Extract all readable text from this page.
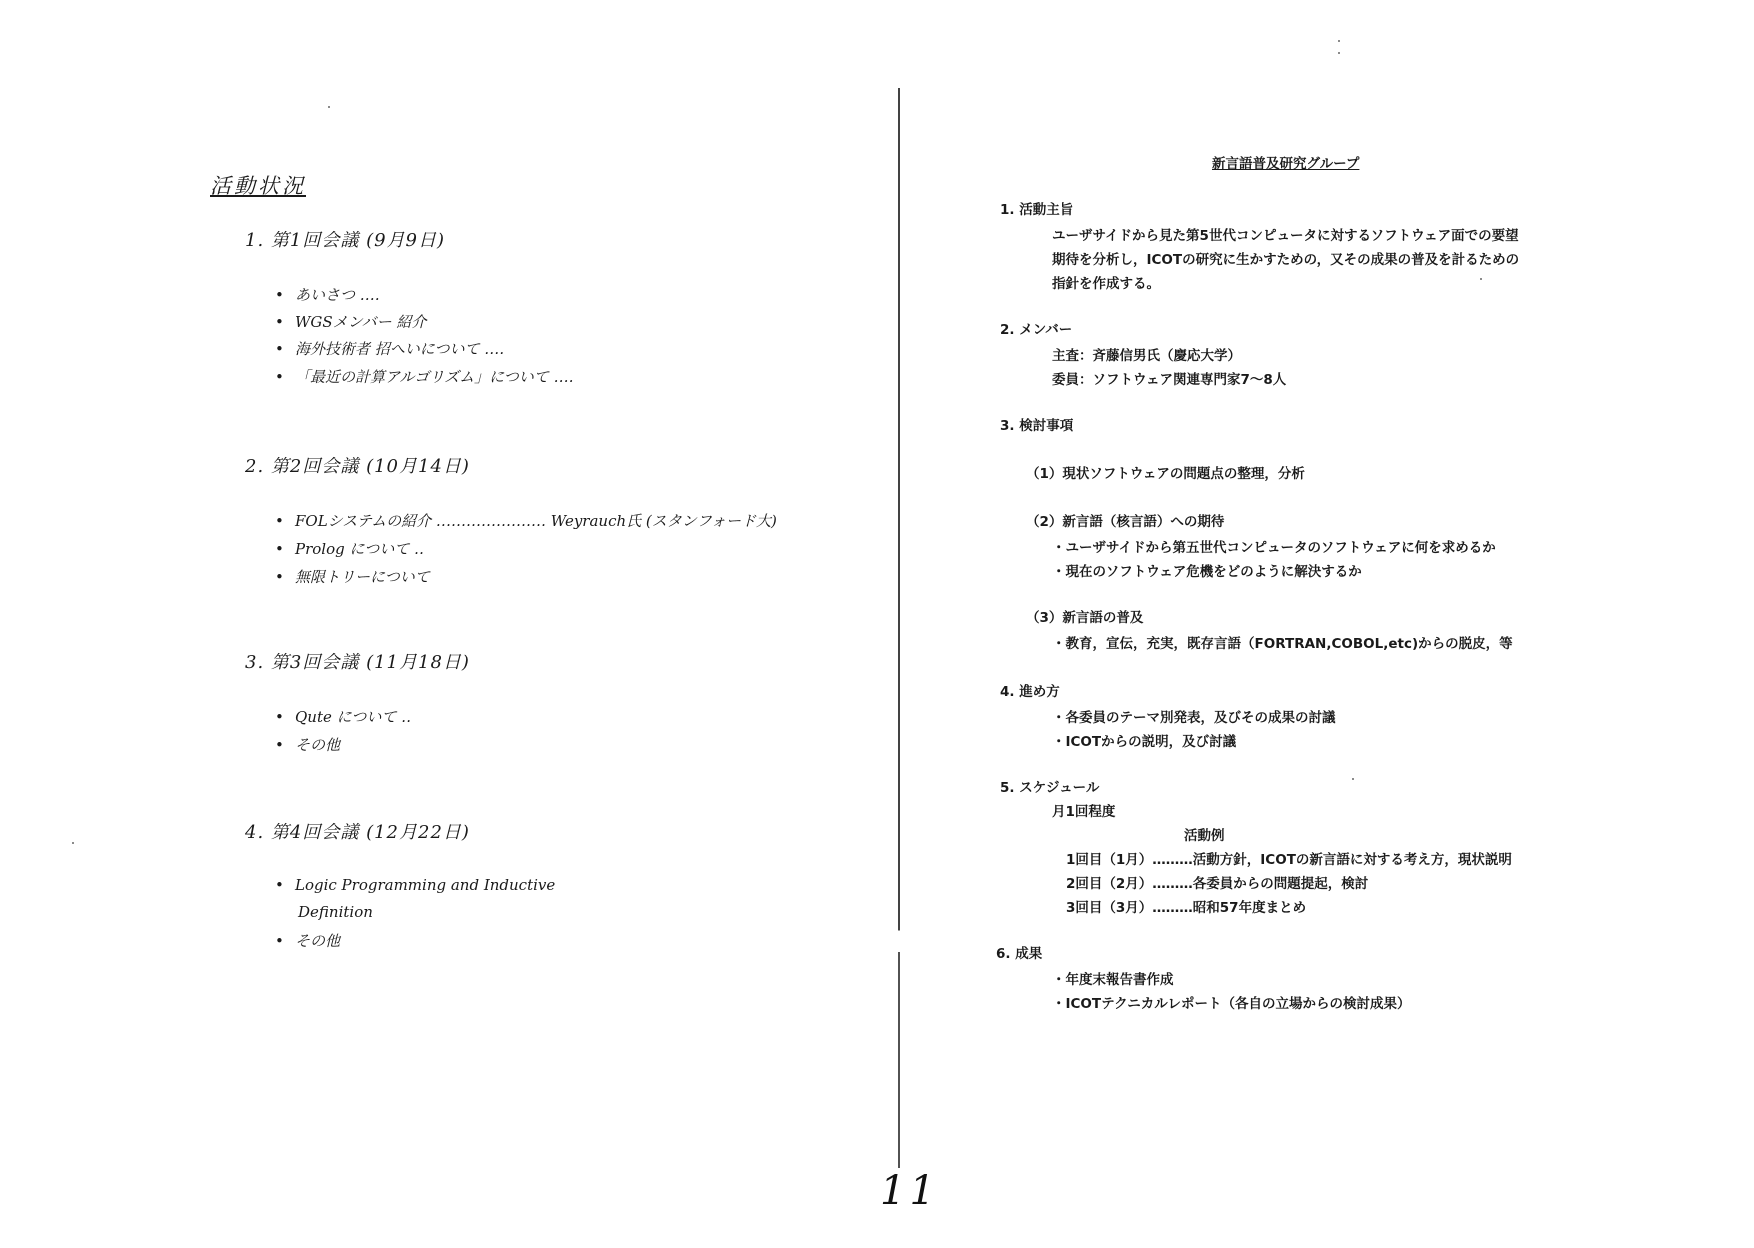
活動状況
1. 第1回会議 (9月9日)
• あいさつ ‥‥
• WGSメンバー 紹介
• 海外技術者 招へいについて ‥‥
• 「最近の計算アルゴリズム」について ‥‥
2. 第2回会議 (10月14日)
• FOLシステムの紹介 ‥‥‥‥‥‥‥‥‥‥‥ Weyrauch氏 (スタンフォード大)
• Prolog について ‥
• 無限トリーについて
3. 第3回会議 (11月18日)
• Qute について ‥
• その他
4. 第4回会議 (12月22日)
• Logic Programming and Inductive
Definition
• その他
新言語普及研究グループ
1. 活動主旨
ユーザサイドから見た第5世代コンピュータに対するソフトウェア面での要望
期待を分析し，ICOTの研究に生かすための，又その成果の普及を計るための
指針を作成する。
2. メンバー
主査：斉藤信男氏（慶応大学）
委員：ソフトウェア関連専門家7～8人
3. 検討事項
（1）現状ソフトウェアの問題点の整理，分析
（2）新言語（核言語）への期待
・ユーザサイドから第五世代コンピュータのソフトウェアに何を求めるか
・現在のソフトウェア危機をどのように解決するか
（3）新言語の普及
・教育，宣伝，充実，既存言語（FORTRAN,COBOL,etc)からの脱皮，等
4. 進め方
・各委員のテーマ別発表，及びその成果の討議
・ICOTからの説明，及び討議
5. スケジュール
月1回程度
活動例
1回目（1月）………活動方針，ICOTの新言語に対する考え方，現状説明
2回目（2月）………各委員からの問題提起，検討
3回目（3月）………昭和57年度まとめ
6. 成果
・年度末報告書作成
・ICOTテクニカルレポート（各自の立場からの検討成果）
11
